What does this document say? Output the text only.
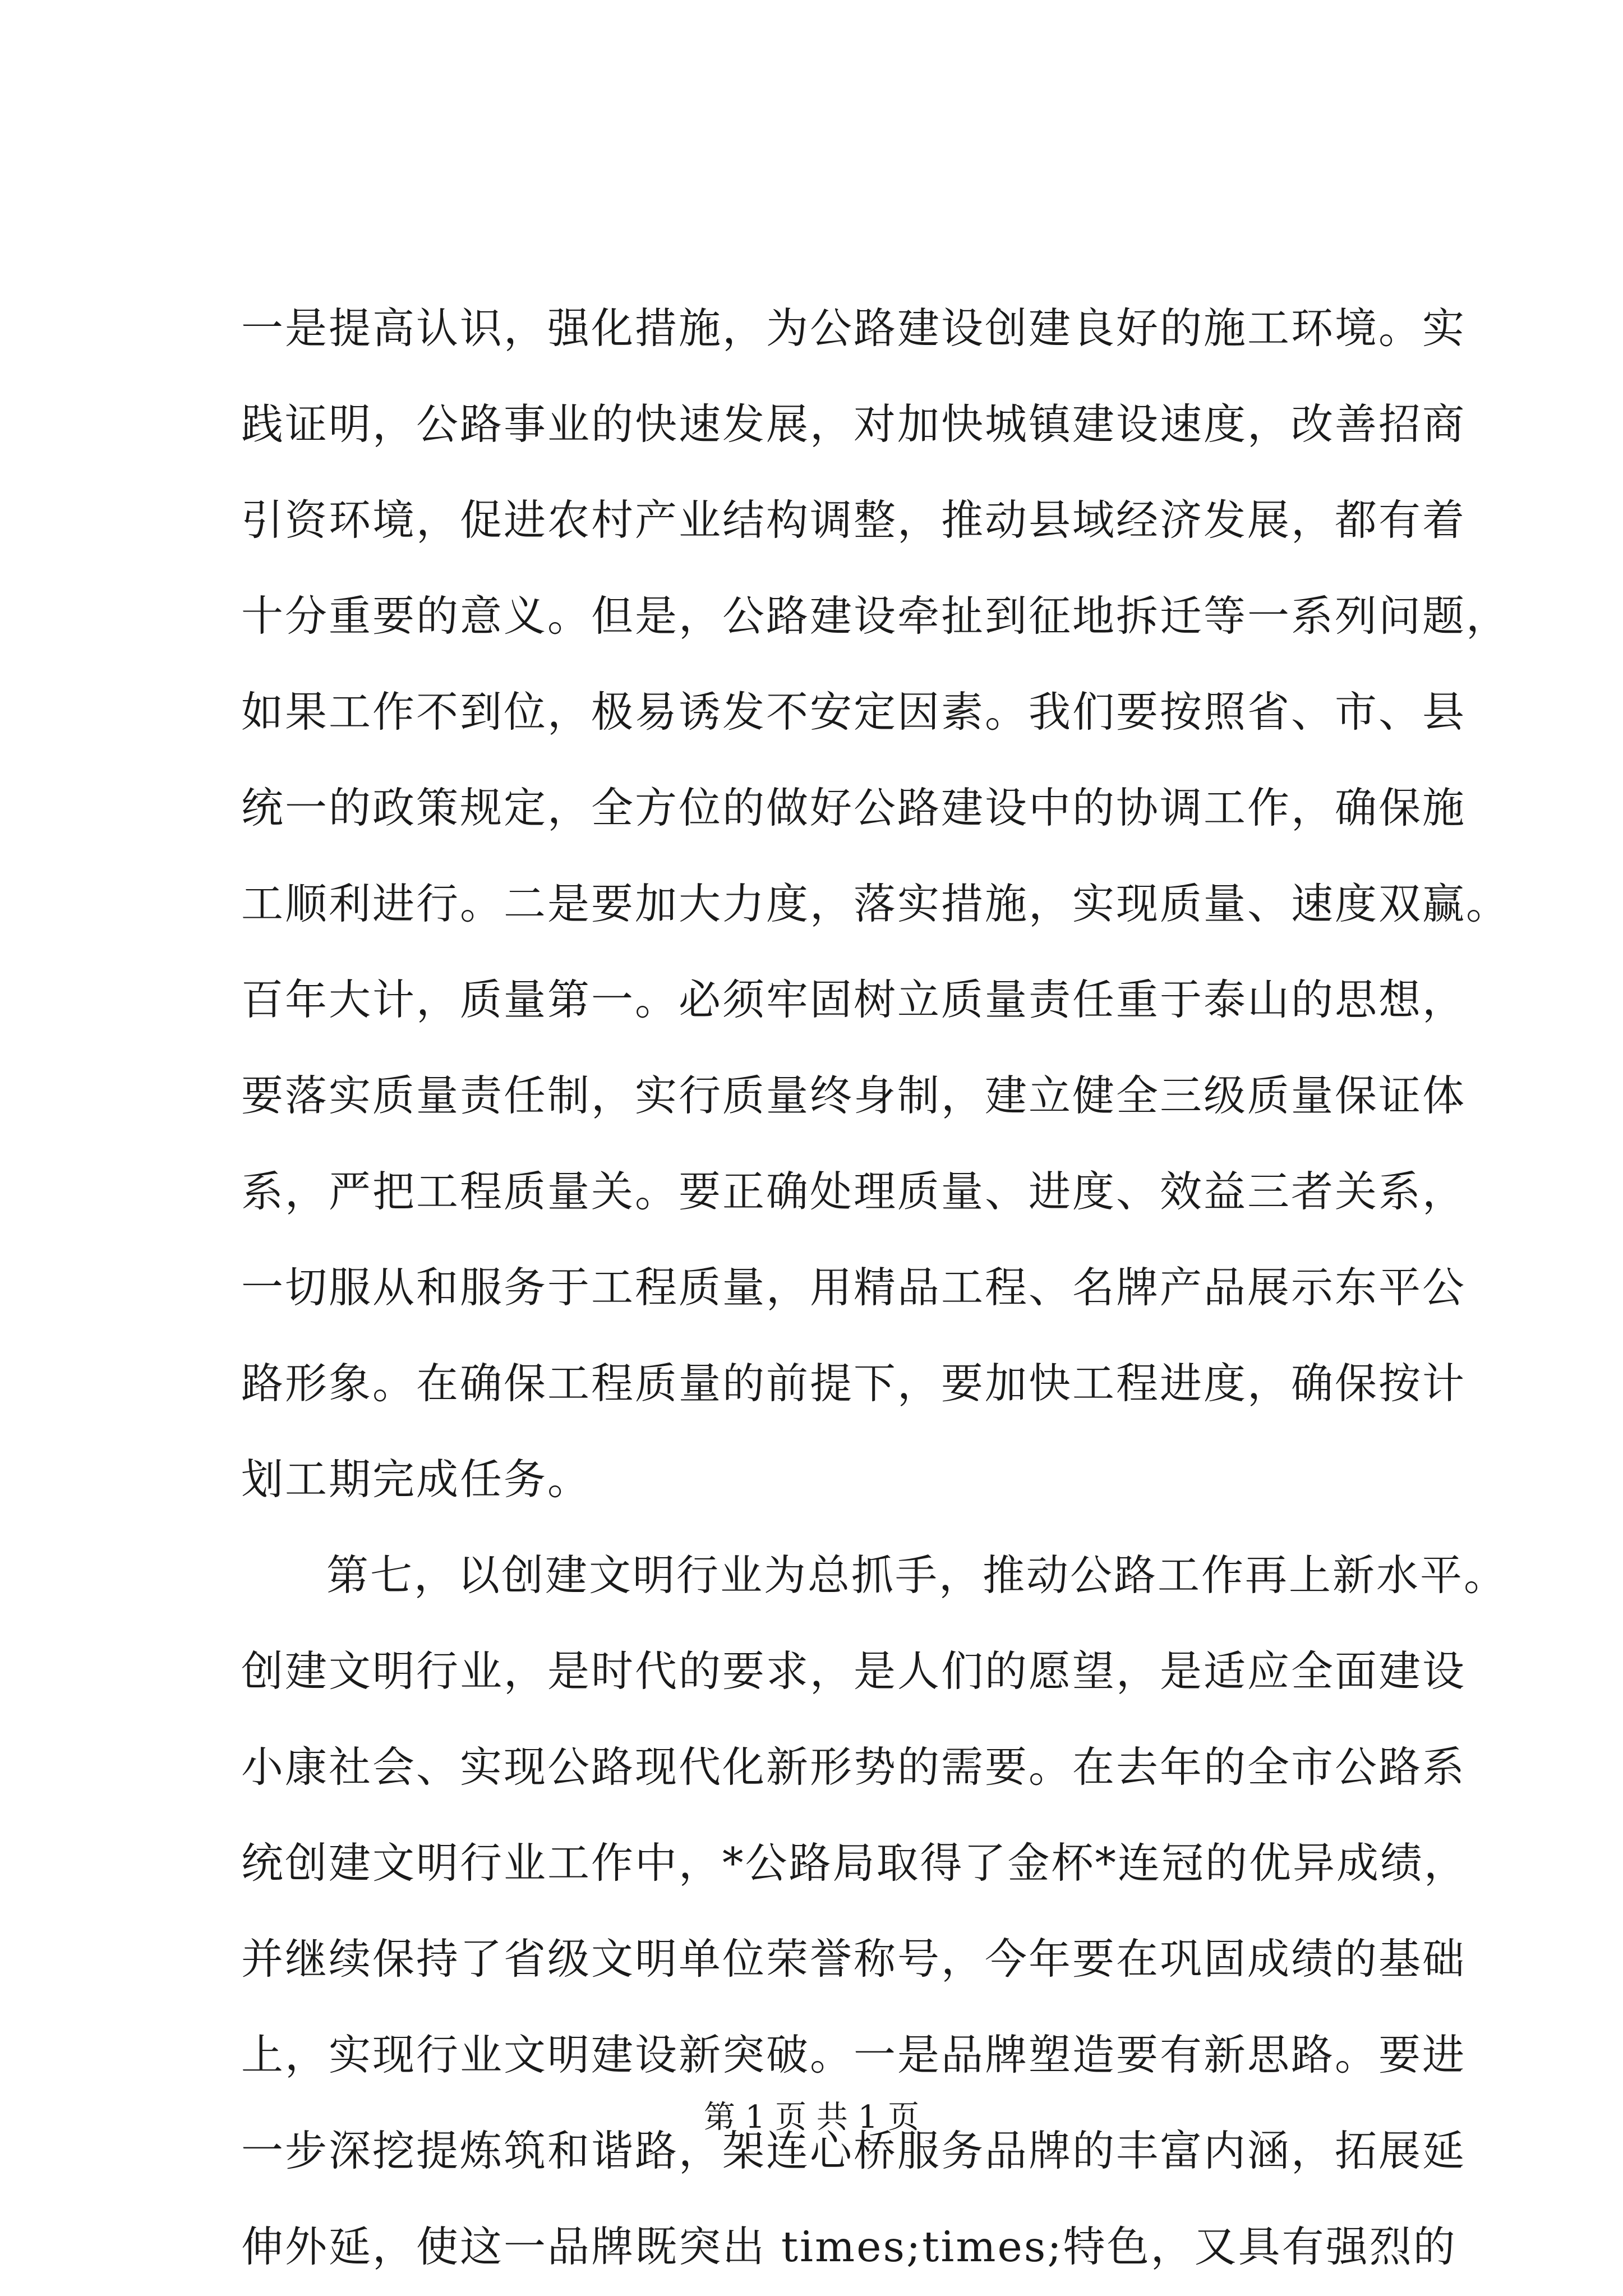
一是提高认识，强化措施，为公路建设创建良好的施工环境。实
践证明，公路事业的快速发展，对加快城镇建设速度，改善招商
引资环境，促进农村产业结构调整，推动县域经济发展，都有着
十分重要的意义。但是，公路建设牵扯到征地拆迁等一系列问题，
如果工作不到位，极易诱发不安定因素。我们要按照省、市、县
统一的政策规定，全方位的做好公路建设中的协调工作，确保施
工顺利进行。二是要加大力度，落实措施，实现质量、速度双赢。
百年大计，质量第一。必须牢固树立质量责任重于泰山的思想，
要落实质量责任制，实行质量终身制，建立健全三级质量保证体
系，严把工程质量关。要正确处理质量、进度、效益三者关系，
一切服从和服务于工程质量，用精品工程、名牌产品展示东平公
路形象。在确保工程质量的前提下，要加快工程进度，确保按计
划工期完成任务。
第七，以创建文明行业为总抓手，推动公路工作再上新水平。
创建文明行业，是时代的要求，是人们的愿望，是适应全面建设
小康社会、实现公路现代化新形势的需要。在去年的全市公路系
统创建文明行业工作中，*公路局取得了金杯*连冠的优异成绩，
并继续保持了省级文明单位荣誉称号，今年要在巩固成绩的基础
上，实现行业文明建设新突破。一是品牌塑造要有新思路。要进
一步深挖提炼筑和谐路，架连心桥服务品牌的丰富内涵，拓展延
伸外延，使这一品牌既突出 times;times;特色，又具有强烈的
第 1 页 共 1 页
